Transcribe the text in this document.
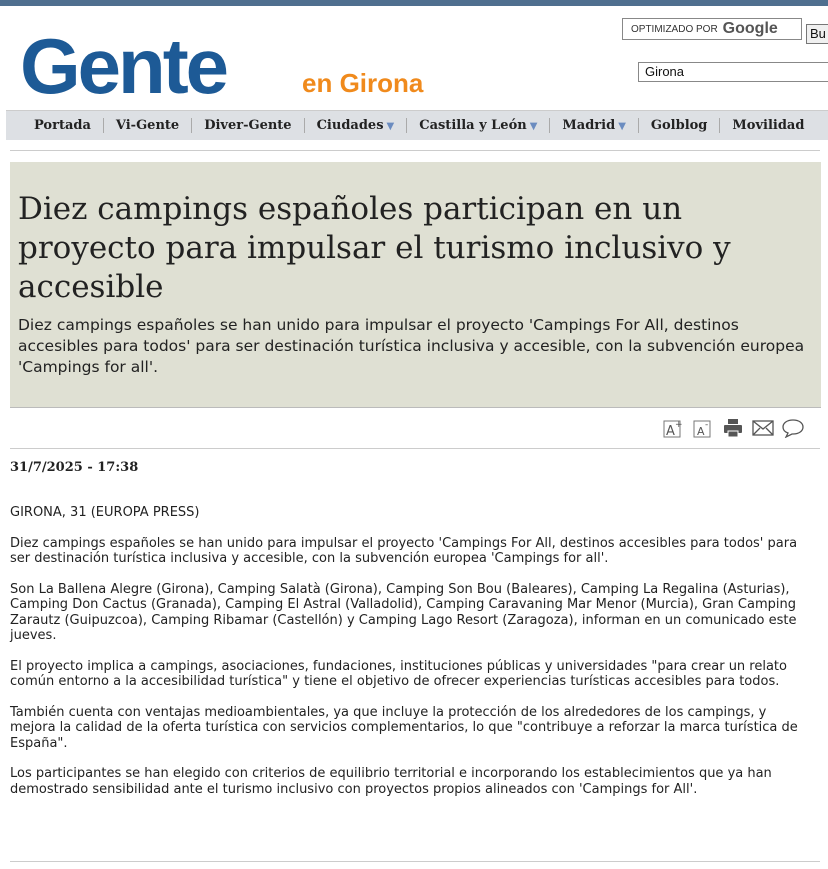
Gente	en Girona
OPTIMIZADO POR Google	Bu
Girona
Portada	Vi-Gente	Diver-Gente	Ciudades ▼	Castilla y León ▼	Madrid ▼	Golblog	Movilidad
Diez campings españoles participan en un proyecto para impulsar el turismo inclusivo y accesible

Diez campings españoles se han unido para impulsar el proyecto 'Campings For All, destinos accesibles para todos' para ser destinación turística inclusiva y accesible, con la subvención europea 'Campings for all'.

A + A -
31/7/2025 - 17:38

GIRONA, 31 (EUROPA PRESS)

Diez campings españoles se han unido para impulsar el proyecto 'Campings For All, destinos accesibles para todos' para ser destinación turística inclusiva y accesible, con la subvención europea 'Campings for all'.

Son La Ballena Alegre (Girona), Camping Salatà (Girona), Camping Son Bou (Baleares), Camping La Regalina (Asturias), Camping Don Cactus (Granada), Camping El Astral (Valladolid), Camping Caravaning Mar Menor (Murcia), Gran Camping Zarautz (Guipuzcoa), Camping Ribamar (Castellón) y Camping Lago Resort (Zaragoza), informan en un comunicado este jueves.

El proyecto implica a campings, asociaciones, fundaciones, instituciones públicas y universidades "para crear un relato común entorno a la accesibilidad turística" y tiene el objetivo de ofrecer experiencias turísticas accesibles para todos.

También cuenta con ventajas medioambientales, ya que incluye la protección de los alrededores de los campings, y mejora la calidad de la oferta turística con servicios complementarios, lo que "contribuye a reforzar la marca turística de España".

Los participantes se han elegido con criterios de equilibrio territorial e incorporando los establecimientos que ya han demostrado sensibilidad ante el turismo inclusivo con proyectos propios alineados con 'Campings for All'.
